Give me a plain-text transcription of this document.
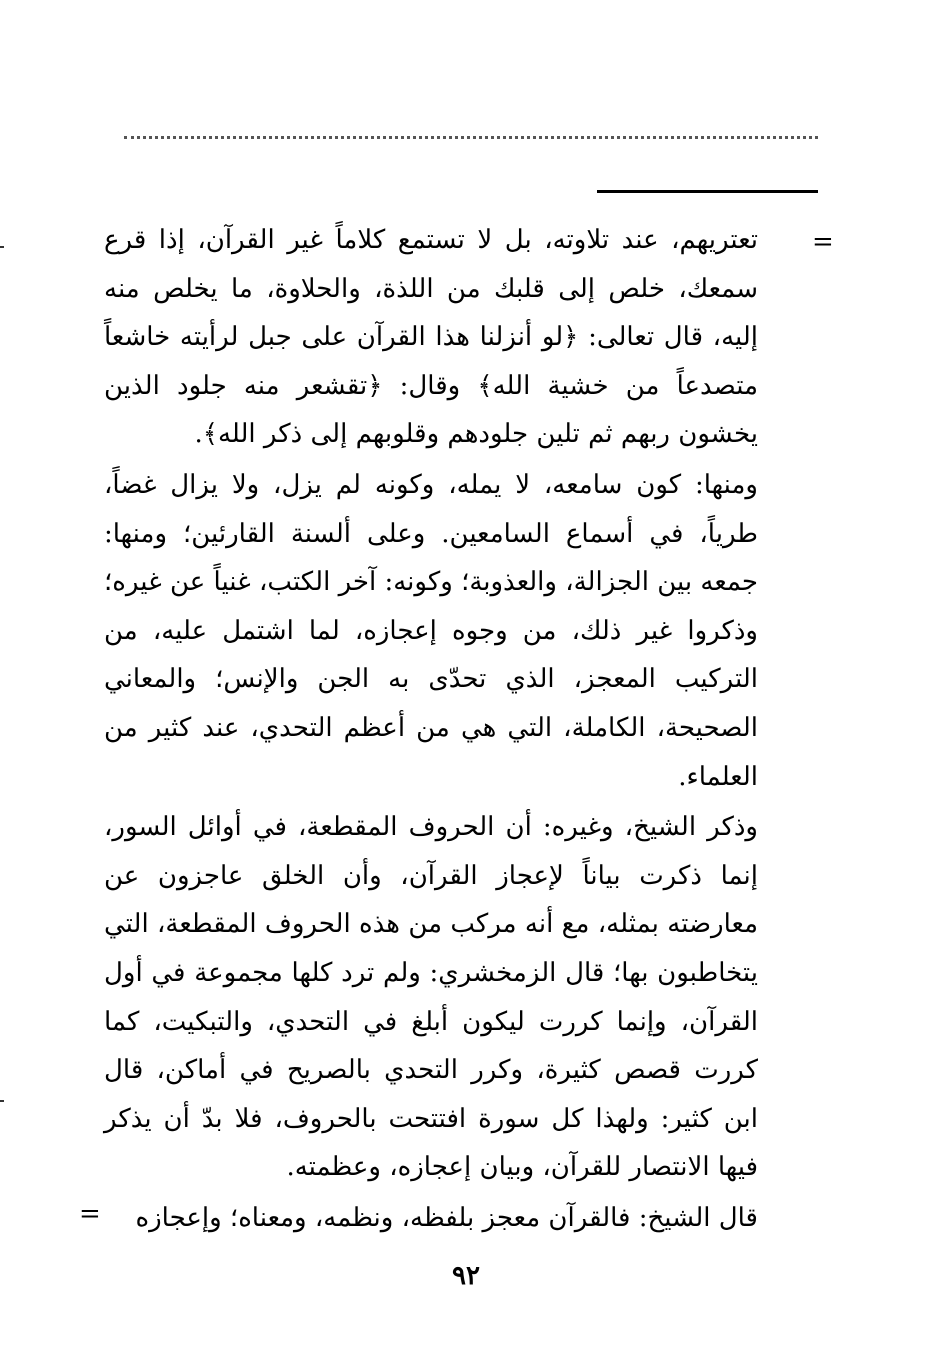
=

تعتريهم، عند تلاوته، بل لا تستمع كلاماً غير القرآن، إذا قرع سمعك، خلص إلى قلبك من اللذة، والحلاوة، ما يخلص منه إليه، قال تعالى: ﴿لو أنزلنا هذا القرآن على جبل لرأيته خاشعاً متصدعاً من خشية الله﴾ وقال: ﴿تقشعر منه جلود الذين يخشون ربهم ثم تلين جلودهم وقلوبهم إلى ذكر الله﴾.

ومنها: كون سامعه، لا يمله، وكونه لم يزل، ولا يزال غضاً، طرياً، في أسماع السامعين. وعلى ألسنة القارئين؛ ومنها: جمعه بين الجزالة، والعذوبة؛ وكونه: آخر الكتب، غنياً عن غيره؛ وذكروا غير ذلك، من وجوه إعجازه، لما اشتمل عليه، من التركيب المعجز، الذي تحدّى به الجن والإنس؛ والمعاني الصحيحة، الكاملة، التي هي من أعظم التحدي، عند كثير من العلماء.

وذكر الشيخ، وغيره: أن الحروف المقطعة، في أوائل السور، إنما ذكرت بياناً لإعجاز القرآن، وأن الخلق عاجزون عن معارضته بمثله، مع أنه مركب من هذه الحروف المقطعة، التي يتخاطبون بها؛ قال الزمخشري: ولم ترد كلها مجموعة في أول القرآن، وإنما كررت ليكون أبلغ في التحدي، والتبكيت، كما كررت قصص كثيرة، وكرر التحدي بالصريح في أماكن، قال ابن كثير: ولهذا كل سورة افتتحت بالحروف، فلا بدّ أن يذكر فيها الانتصار للقرآن، وبيان إعجازه، وعظمته.

قال الشيخ: فالقرآن معجز بلفظه، ونظمه، ومعناه؛ وإعجازه

=
٩٢
